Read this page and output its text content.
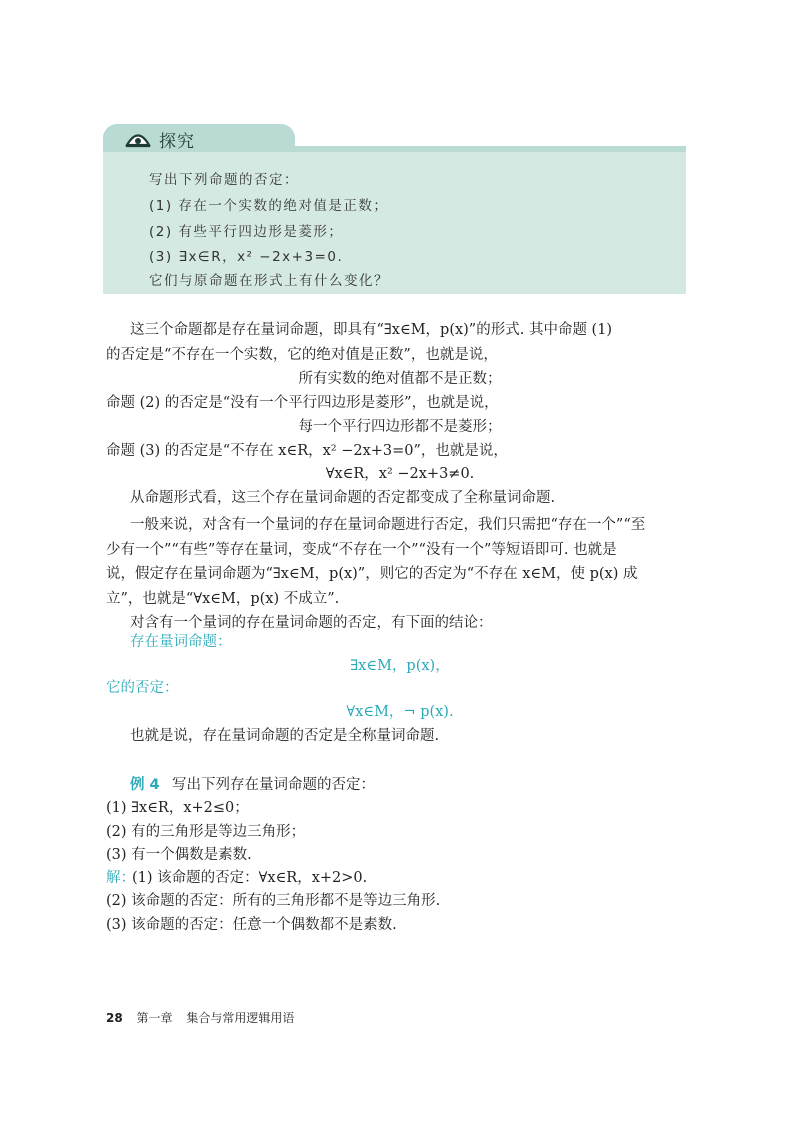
探究
写出下列命题的否定：
(1) 存在一个实数的绝对值是正数；
(2) 有些平行四边形是菱形；
(3) ∃x∈R，x² −2x+3=0.
它们与原命题在形式上有什么变化？
这三个命题都是存在量词命题，即具有“∃x∈M，p(x)”的形式. 其中命题 (1)
的否定是“不存在一个实数，它的绝对值是正数”，也就是说，
所有实数的绝对值都不是正数；
命题 (2) 的否定是“没有一个平行四边形是菱形”，也就是说，
每一个平行四边形都不是菱形；
命题 (3) 的否定是“不存在 x∈R，x² −2x+3=0”，也就是说，
∀x∈R，x² −2x+3≠0.
从命题形式看，这三个存在量词命题的否定都变成了全称量词命题.
一般来说，对含有一个量词的存在量词命题进行否定，我们只需把“存在一个”“至
少有一个”“有些”等存在量词，变成“不存在一个”“没有一个”等短语即可. 也就是
说，假定存在量词命题为“∃x∈M，p(x)”，则它的否定为“不存在 x∈M，使 p(x) 成
立”，也就是“∀x∈M，p(x) 不成立”.
对含有一个量词的存在量词命题的否定，有下面的结论：
存在量词命题：
∃x∈M，p(x)，
它的否定：
∀x∈M，¬ p(x).
也就是说，存在量词命题的否定是全称量词命题.
例 4 写出下列存在量词命题的否定：
(1) ∃x∈R，x+2≤0；
(2) 有的三角形是等边三角形；
(3) 有一个偶数是素数.
解：
(1) 该命题的否定：∀x∈R，x+2>0.
(2) 该命题的否定：所有的三角形都不是等边三角形.
(3) 该命题的否定：任意一个偶数都不是素数.
28 第一章 集合与常用逻辑用语
